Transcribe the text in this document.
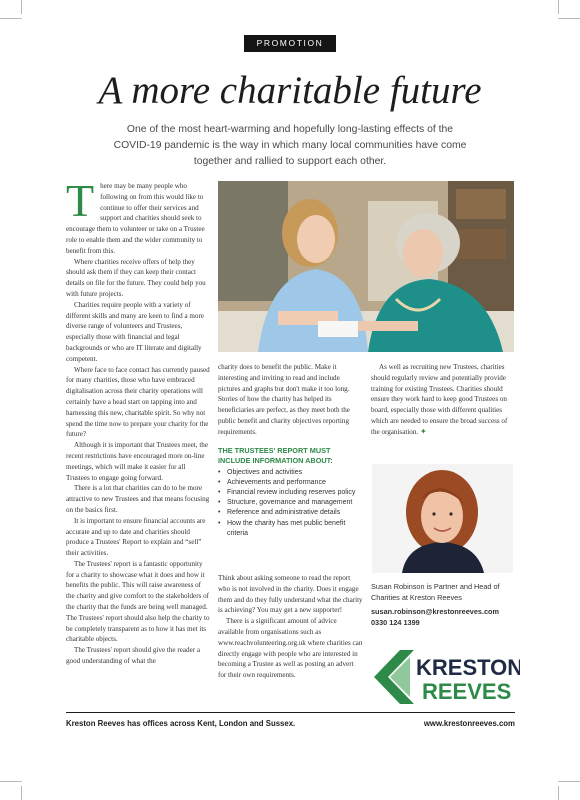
PROMOTION
A more charitable future
One of the most heart-warming and hopefully long-lasting effects of the COVID-19 pandemic is the way in which many local communities have come together and rallied to support each other.

There may be many people who following on from this would like to continue to offer their services and support and charities should seek to encourage them to volunteer or take on a Trustee role to enable them and the wider community to benefit from this.

Where charities receive offers of help they should ask them if they can keep their contact details on file for the future. They could help you with future projects.

Charities require people with a variety of different skills and many are keen to find a more diverse range of volunteers and Trustees, especially those with financial and legal backgrounds or who are IT literate and digitally competent.

Where face to face contact has currently paused for many charities, those who have embraced digitalisation across their charity operations will certainly have a head start on tapping into and harnessing this new, charitable spirit. So why not spend the time now to prepare your charity for the future?

Although it is important that Trustees meet, the recent restrictions have encouraged more on-line meetings, which will make it easier for all Trustees to engage going forward.

There is a lot that charities can do to be more attractive to new Trustees and that means focusing on the basics first.

It is important to ensure financial accounts are accurate and up to date and charities should produce a Trustees' Report to explain and “sell” their activities.

The Trustees' report is a fantastic opportunity for a charity to showcase what it does and how it benefits the public. This will raise awareness of the charity and give comfort to the stakeholders of the charity that the funds are being well managed. The Trustees' report should also help the charity to be completely transparent as to how it has met its charitable objects.

The Trustees' report should give the reader a good understanding of what the

charity does to benefit the public. Make it interesting and inviting to read and include pictures and graphs but don't make it too long. Stories of how the charity has helped its beneficiaries are perfect, as they meet both the public benefit and charity objectives reporting requirements.

THE TRUSTEES' REPORT MUST INCLUDE INFORMATION ABOUT:
• Objectives and activities
• Achievements and performance
• Financial review including reserves policy
• Structure, governance and management
• Reference and administrative details
• How the charity has met public benefit criteria

Think about asking someone to read the report who is not involved in the charity. Does it engage them and do they fully understand what the charity is achieving? You may get a new supporter!

There is a significant amount of advice available from organisations such as www.reachvolunteering.org.uk where charities can directly engage with people who are interested in becoming a Trustee as well as posting an advert for their own requirements.

As well as recruiting new Trustees, charities should regularly review and potentially provide training for existing Trustees. Charities should ensure they work hard to keep good Trustees on board, especially those with different qualities which are needed to ensure the broad success of the organisation. ✦

Susan Robinson is Partner and Head of Charities at Kreston Reeves
susan.robinson@krestonreeves.com
0330 124 1399
KRESTON
REEVES
Kreston Reeves has offices across Kent, London and Sussex.	www.krestonreeves.com
